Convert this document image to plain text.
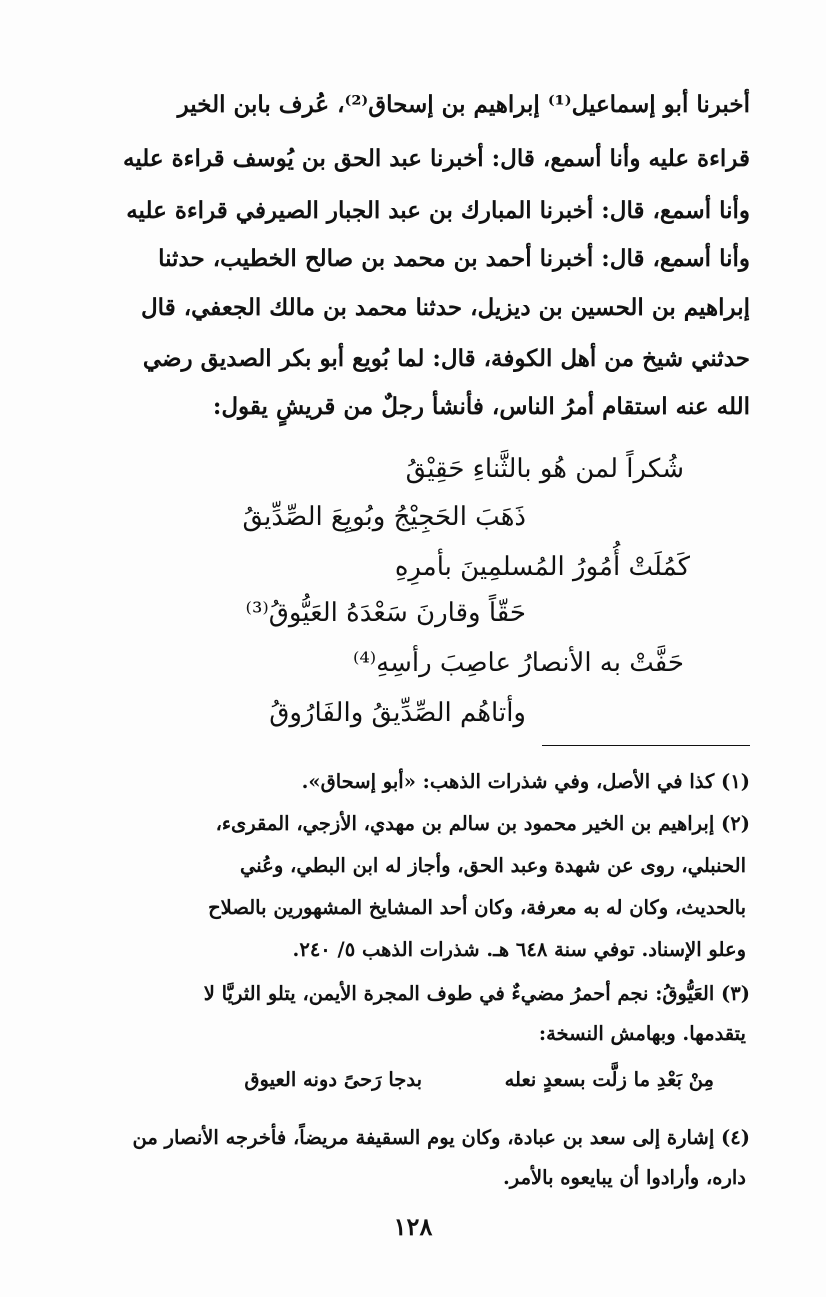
أخبرنا أبو إسماعيل⁽¹⁾ إبراهيم بن إسحاق⁽²⁾، عُرف بابن الخير
قراءة عليه وأنا أسمع، قال: أخبرنا عبد الحق بن يُوسف قراءة عليه
وأنا أسمع، قال: أخبرنا المبارك بن عبد الجبار الصيرفي قراءة عليه
وأنا أسمع، قال: أخبرنا أحمد بن محمد بن صالح الخطيب، حدثنا
إبراهيم بن الحسين بن ديزيل، حدثنا محمد بن مالك الجعفي، قال
حدثني شيخ من أهل الكوفة، قال: لما بُويع أبو بكر الصديق رضي
الله عنه استقام أمرُ الناس، فأنشأ رجلٌ من قريشٍ يقول:
شُكراً لمن هُو بالثَّناءِ حَقِيْقُ
ذَهَبَ الحَجِيْجُ وبُويِعَ الصِّدِّيقُ
كَمُلَتْ أُمُورُ المُسلمِينَ بأمرِهِ
حَقّاً وقارنَ سَعْدَهُ العَيُّوقُ⁽³⁾
حَفَّتْ به الأنصارُ عاصِبَ رأسِهِ⁽⁴⁾
وأتاهُم الصِّدِّيقُ والفَارُوقُ
(١) كذا في الأصل، وفي شذرات الذهب: «أبو إسحاق».
(٢) إبراهيم بن الخير محمود بن سالم بن مهدي، الأزجي، المقرىء،
الحنبلي، روى عن شهدة وعبد الحق، وأجاز له ابن البطي، وعُني
بالحديث، وكان له به معرفة، وكان أحد المشايخ المشهورين بالصلاح
وعلو الإسناد. توفي سنة ٦٤٨ هـ. شذرات الذهب ٥/ ٢٤٠.
(٣) العَيُّوقُ: نجم أحمرُ مضيءٌ في طوف المجرة الأيمن، يتلو الثريَّا لا
يتقدمها. وبهامش النسخة:
مِنْ بَعْدِ ما زلَّت بسعدٍ نعله
بدجا رَحىً دونه العيوق
(٤) إشارة إلى سعد بن عبادة، وكان يوم السقيفة مريضاً، فأخرجه الأنصار من
داره، وأرادوا أن يبايعوه بالأمر.
١٢٨
